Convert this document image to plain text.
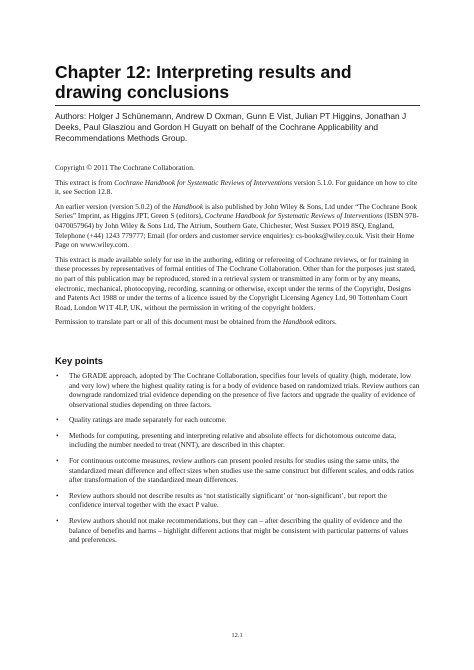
Chapter 12: Interpreting results and drawing conclusions

Authors: Holger J Schünemann, Andrew D Oxman, Gunn E Vist, Julian PT Higgins, Jonathan J Deeks, Paul Glasziou and Gordon H Guyatt on behalf of the Cochrane Applicability and Recommendations Methods Group.

Copyright © 2011 The Cochrane Collaboration.

This extract is from Cochrane Handbook for Systematic Reviews of Interventions version 5.1.0. For guidance on how to cite it, see Section 12.8.

An earlier version (version 5.0.2) of the Handbook is also published by John Wiley & Sons, Ltd under “The Cochrane Book Series” Imprint, as Higgins JPT, Green S (editors), Cochrane Handbook for Systematic Reviews of Interventions (ISBN 978-0470057964) by John Wiley & Sons Ltd, The Atrium, Southern Gate, Chichester, West Sussex PO19 8SQ, England, Telephone (+44) 1243 779777; Email (for orders and customer service enquiries): cs-books@wiley.co.uk. Visit their Home Page on www.wiley.com.

This extract is made available solely for use in the authoring, editing or refereeing of Cochrane reviews, or for training in these processes by representatives of formal entities of The Cochrane Collaboration. Other than for the purposes just stated, no part of this publication may be reproduced, stored in a retrieval system or transmitted in any form or by any means, electronic, mechanical, photocopying, recording, scanning or otherwise, except under the terms of the Copyright, Designs and Patents Act 1988 or under the terms of a licence issued by the Copyright Licensing Agency Ltd, 90 Tottenham Court Road, London W1T 4LP, UK, without the permission in writing of the copyright holders.

Permission to translate part or all of this document must be obtained from the Handbook editors.

Key points
• The GRADE approach, adopted by The Cochrane Collaboration, specifies four levels of quality (high, moderate, low and very low) where the highest quality rating is for a body of evidence based on randomized trials. Review authors can downgrade randomized trial evidence depending on the presence of five factors and upgrade the quality of evidence of observational studies depending on three factors.
• Quality ratings are made separately for each outcome.
• Methods for computing, presenting and interpreting relative and absolute effects for dichotomous outcome data, including the number needed to treat (NNT), are described in this chapter.
• For continuous outcome measures, review authors can present pooled results for studies using the same units, the standardized mean difference and effect sizes when studies use the same construct but different scales, and odds ratios after transformation of the standardized mean differences.
• Review authors should not describe results as ‘not statistically significant’ or ‘non-significant’, but report the confidence interval together with the exact P value.
• Review authors should not make recommendations, but they can – after describing the quality of evidence and the balance of benefits and harms – highlight different actions that might be consistent with particular patterns of values and preferences.
12.1
